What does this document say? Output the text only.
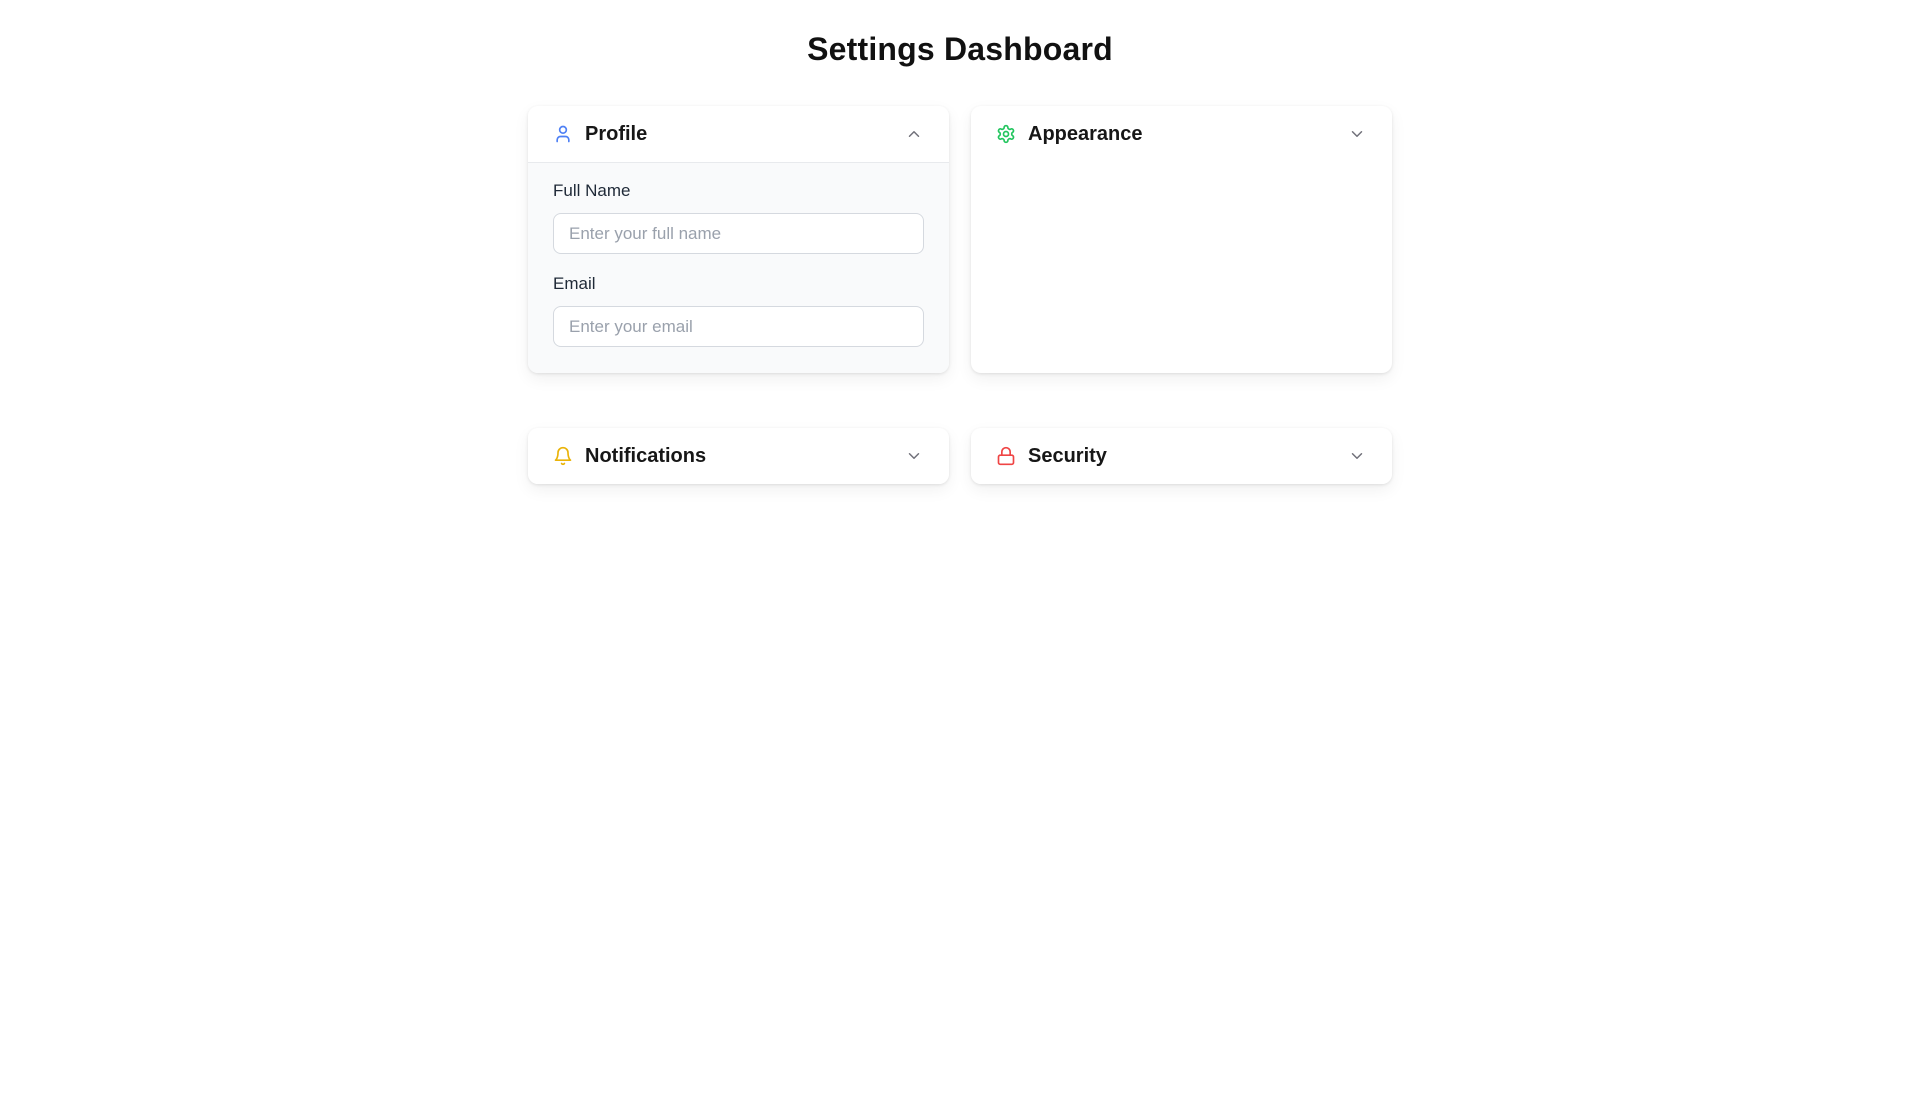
Settings Dashboard
Profile
Full Name
Enter your full name
Email
Enter your email
Appearance
Notifications	Security
